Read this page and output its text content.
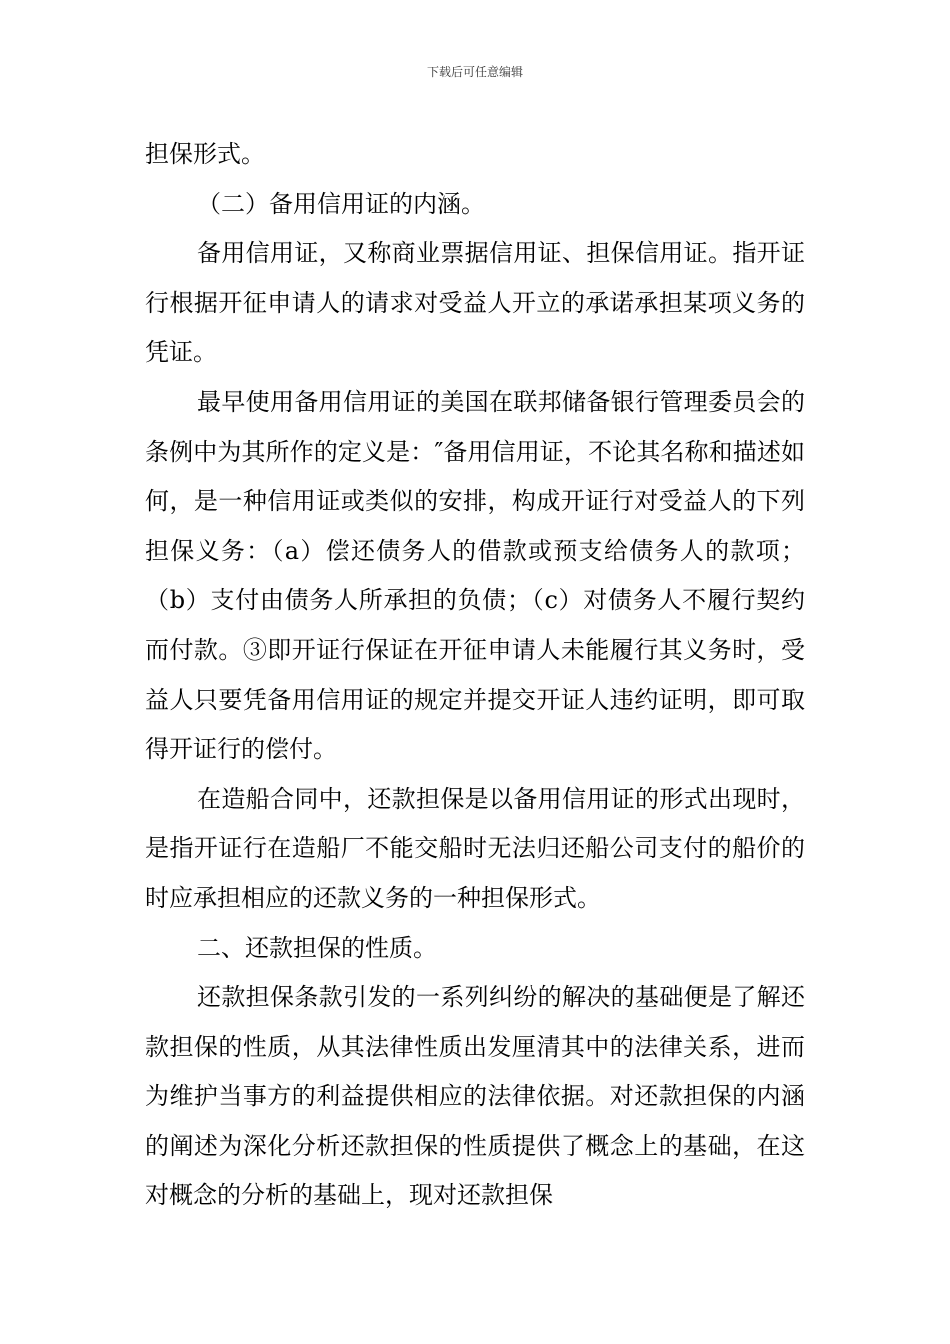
下载后可任意编辑

担保形式。

（二）备用信用证的内涵。

备用信用证，又称商业票据信用证、担保信用证。指开证行根据开征申请人的请求对受益人开立的承诺承担某项义务的凭证。

最早使用备用信用证的美国在联邦储备银行管理委员会的条例中为其所作的定义是：″备用信用证，不论其名称和描述如何，是一种信用证或类似的安排，构成开证行对受益人的下列担保义务：（a）偿还债务人的借款或预支给债务人的款项；（b）支付由债务人所承担的负债；（c）对债务人不履行契约而付款。③即开证行保证在开征申请人未能履行其义务时，受益人只要凭备用信用证的规定并提交开证人违约证明，即可取得开证行的偿付。

在造船合同中，还款担保是以备用信用证的形式出现时，是指开证行在造船厂不能交船时无法归还船公司支付的船价的时应承担相应的还款义务的一种担保形式。

二、还款担保的性质。

还款担保条款引发的一系列纠纷的解决的基础便是了解还款担保的性质，从其法律性质出发厘清其中的法律关系，进而为维护当事方的利益提供相应的法律依据。对还款担保的内涵的阐述为深化分析还款担保的性质提供了概念上的基础，在这对概念的分析的基础上，现对还款担保
